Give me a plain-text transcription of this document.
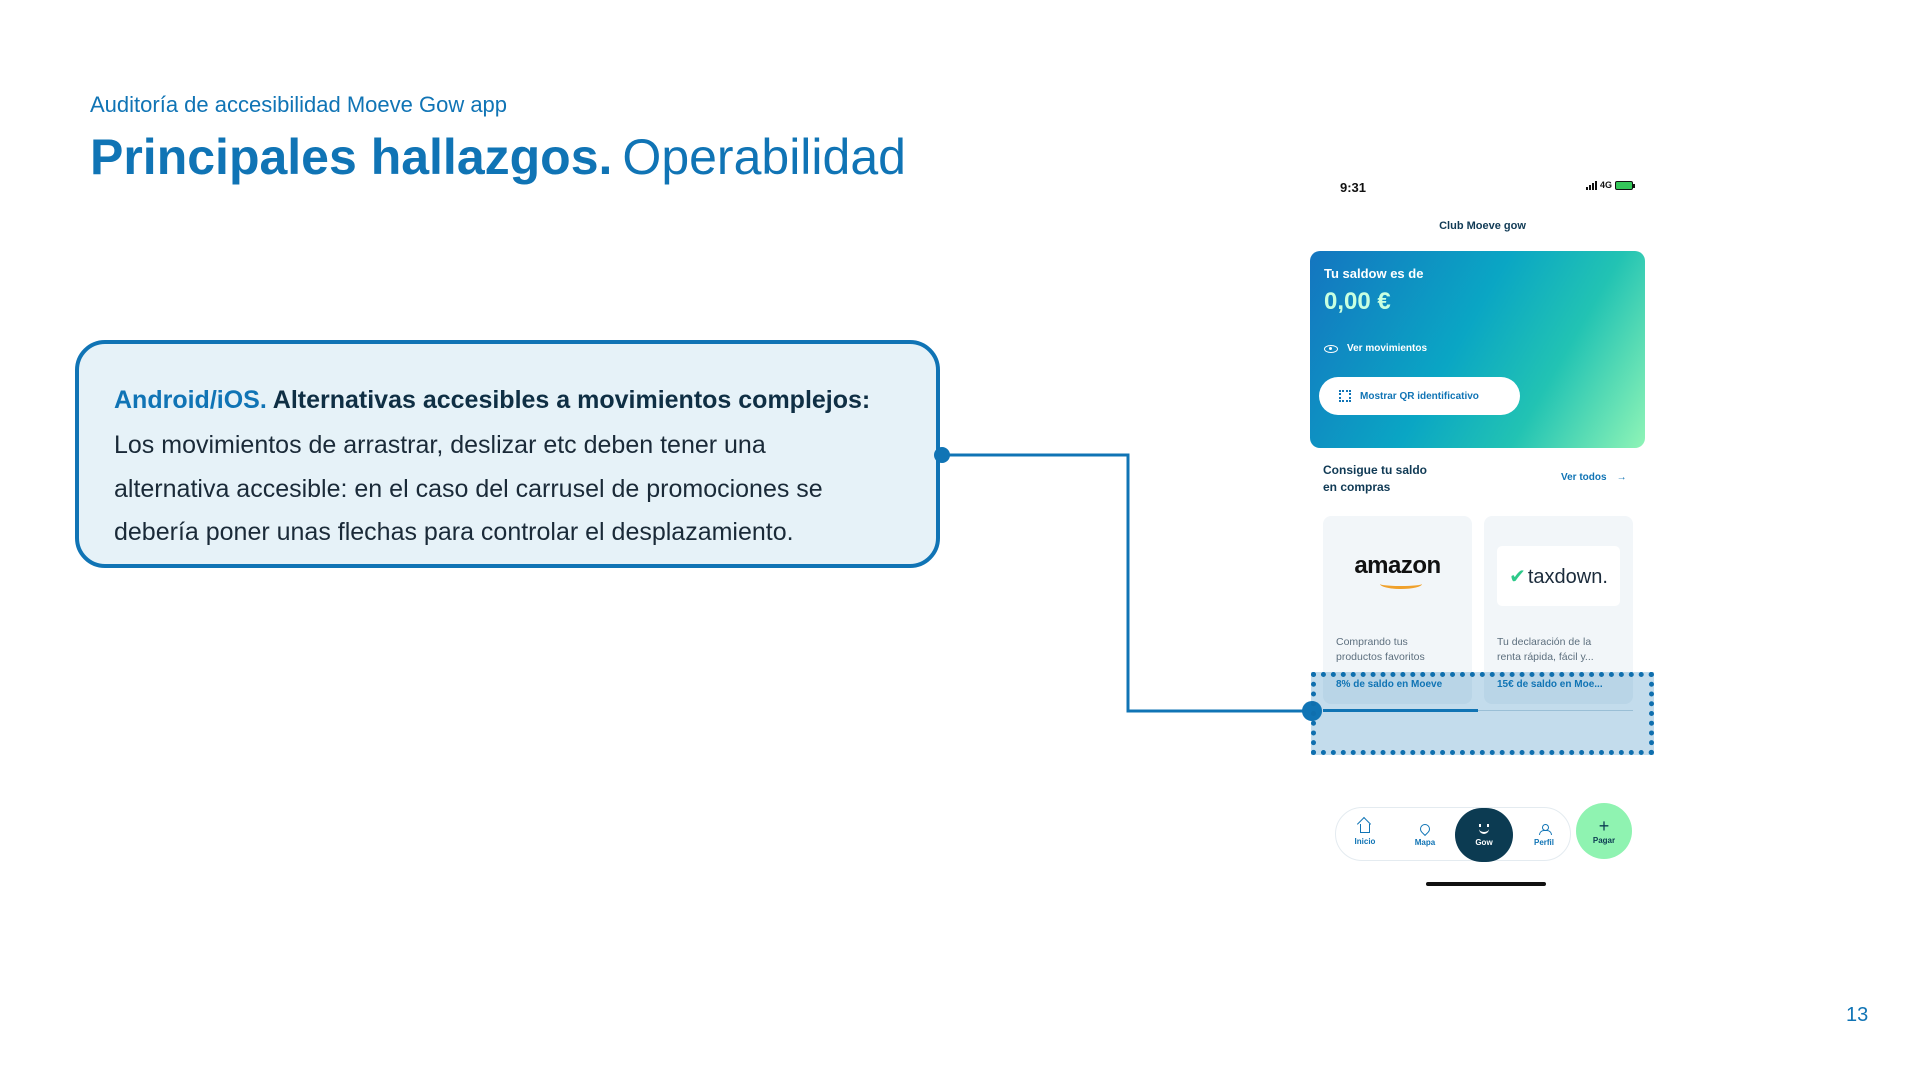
Auditoría de accesibilidad Moeve Gow app
Principales hallazgos. Operabilidad
Android/iOS. Alternativas accesibles a movimientos complejos:
Los movimientos de arrastrar, deslizar etc deben tener una
alternativa accesible: en el caso del carrusel de promociones se
debería poner unas flechas para controlar el desplazamiento.
9:31	4G
Club Moeve gow
Tu saldow es de
0,00 €
Ver movimientos
Mostrar QR identificativo
Consigue tu saldo
en compras
Ver todos →
amazon
Comprando tus
productos favoritos
8% de saldo en Moeve
✔ taxdown.
Tu declaración de la
renta rápida, fácil y...
15€ de saldo en Moe...
Inicio	Mapa	Gow	Perfil
+
Pagar
13
